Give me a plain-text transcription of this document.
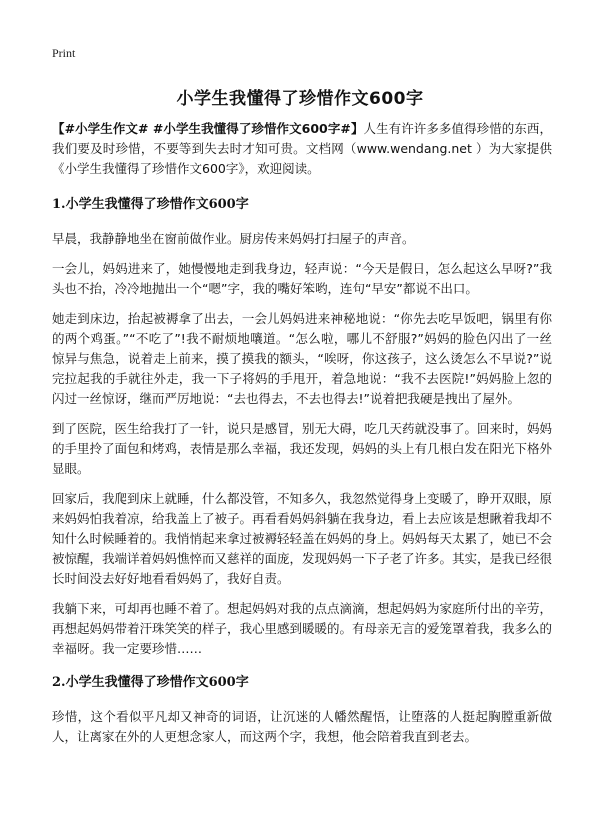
Print
小学生我懂得了珍惜作文600字

【#小学生作文# #小学生我懂得了珍惜作文600字#】人生有许许多多值得珍惜的东西，我们要及时珍惜，不要等到失去时才知可贵。文档网（www.wendang.net ）为大家提供《小学生我懂得了珍惜作文600字》，欢迎阅读。

1.小学生我懂得了珍惜作文600字

早晨，我静静地坐在窗前做作业。厨房传来妈妈打扫屋子的声音。

一会儿，妈妈进来了，她慢慢地走到我身边，轻声说：“今天是假日，怎么起这么早呀?”我头也不抬，冷冷地抛出一个“嗯”字，我的嘴好笨哟，连句“早安”都说不出口。

她走到床边，抬起被褥拿了出去，一会儿妈妈进来神秘地说：“你先去吃早饭吧，锅里有你的两个鸡蛋。”“不吃了”!我不耐烦地嚷道。“怎么啦，哪儿不舒服?”妈妈的脸色闪出了一丝惊异与焦急，说着走上前来，摸了摸我的额头，“唉呀，你这孩子，这么烫怎么不早说?”说完拉起我的手就往外走，我一下子将妈的手甩开，着急地说：“我不去医院!”妈妈脸上忽的闪过一丝惊讶，继而严厉地说：“去也得去，不去也得去!”说着把我硬是拽出了屋外。

到了医院，医生给我打了一针，说只是感冒，别无大碍，吃几天药就没事了。回来时，妈妈的手里拎了面包和烤鸡，表情是那么幸福，我还发现，妈妈的头上有几根白发在阳光下格外显眼。

回家后，我爬到床上就睡，什么都没管，不知多久，我忽然觉得身上变暖了，睁开双眼，原来妈妈怕我着凉，给我盖上了被子。再看看妈妈斜躺在我身边，看上去应该是想瞅着我却不知什么时候睡着的。我悄悄起来拿过被褥轻轻盖在妈妈的身上。妈妈每天太累了，她已不会被惊醒，我端详着妈妈憔悴而又慈祥的面庞，发现妈妈一下子老了许多。其实，是我已经很长时间没去好好地看看妈妈了，我好自责。

我躺下来，可却再也睡不着了。想起妈妈对我的点点滴滴，想起妈妈为家庭所付出的辛劳，再想起妈妈带着汗珠笑笑的样子，我心里感到暖暖的。有母亲无言的爱笼罩着我，我多么的幸福呀。我一定要珍惜……

2.小学生我懂得了珍惜作文600字

珍惜，这个看似平凡却又神奇的词语，让沉迷的人幡然醒悟，让堕落的人挺起胸膛重新做人，让离家在外的人更想念家人，而这两个字，我想，他会陪着我直到老去。
